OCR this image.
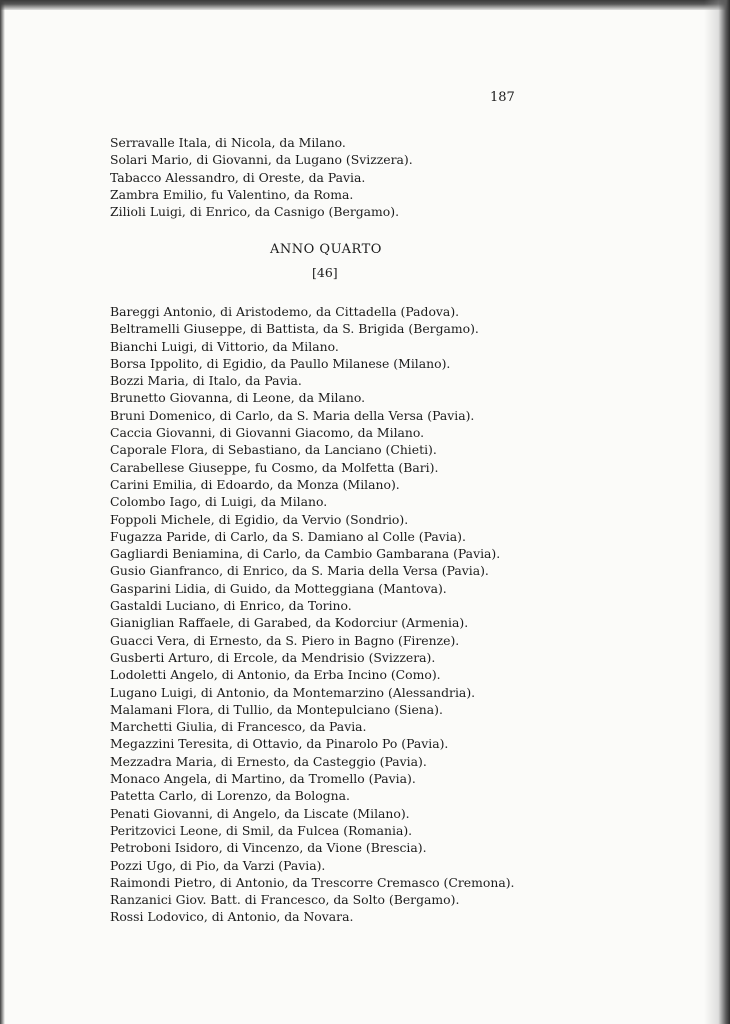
187
Serravalle Itala, di Nicola, da Milano.
Solari Mario, di Giovanni, da Lugano (Svizzera).
Tabacco Alessandro, di Oreste, da Pavia.
Zambra Emilio, fu Valentino, da Roma.
Zilioli Luigi, di Enrico, da Casnigo (Bergamo).
ANNO QUARTO
[46]
Bareggi Antonio, di Aristodemo, da Cittadella (Padova).
Beltramelli Giuseppe, di Battista, da S. Brigida (Bergamo).
Bianchi Luigi, di Vittorio, da Milano.
Borsa Ippolito, di Egidio, da Paullo Milanese (Milano).
Bozzi Maria, di Italo, da Pavia.
Brunetto Giovanna, di Leone, da Milano.
Bruni Domenico, di Carlo, da S. Maria della Versa (Pavia).
Caccia Giovanni, di Giovanni Giacomo, da Milano.
Caporale Flora, di Sebastiano, da Lanciano (Chieti).
Carabellese Giuseppe, fu Cosmo, da Molfetta (Bari).
Carini Emilia, di Edoardo, da Monza (Milano).
Colombo Iago, di Luigi, da Milano.
Foppoli Michele, di Egidio, da Vervio (Sondrio).
Fugazza Paride, di Carlo, da S. Damiano al Colle (Pavia).
Gagliardi Beniamina, di Carlo, da Cambio Gambarana (Pavia).
Gusio Gianfranco, di Enrico, da S. Maria della Versa (Pavia).
Gasparini Lidia, di Guido, da Motteggiana (Mantova).
Gastaldi Luciano, di Enrico, da Torino.
Gianiglian Raffaele, di Garabed, da Kodorciur (Armenia).
Guacci Vera, di Ernesto, da S. Piero in Bagno (Firenze).
Gusberti Arturo, di Ercole, da Mendrisio (Svizzera).
Lodoletti Angelo, di Antonio, da Erba Incino (Como).
Lugano Luigi, di Antonio, da Montemarzino (Alessandria).
Malamani Flora, di Tullio, da Montepulciano (Siena).
Marchetti Giulia, di Francesco, da Pavia.
Megazzini Teresita, di Ottavio, da Pinarolo Po (Pavia).
Mezzadra Maria, di Ernesto, da Casteggio (Pavia).
Monaco Angela, di Martino, da Tromello (Pavia).
Patetta Carlo, di Lorenzo, da Bologna.
Penati Giovanni, di Angelo, da Liscate (Milano).
Peritzovici Leone, di Smil, da Fulcea (Romania).
Petroboni Isidoro, di Vincenzo, da Vione (Brescia).
Pozzi Ugo, di Pio, da Varzi (Pavia).
Raimondi Pietro, di Antonio, da Trescorre Cremasco (Cremona).
Ranzanici Giov. Batt. di Francesco, da Solto (Bergamo).
Rossi Lodovico, di Antonio, da Novara.
